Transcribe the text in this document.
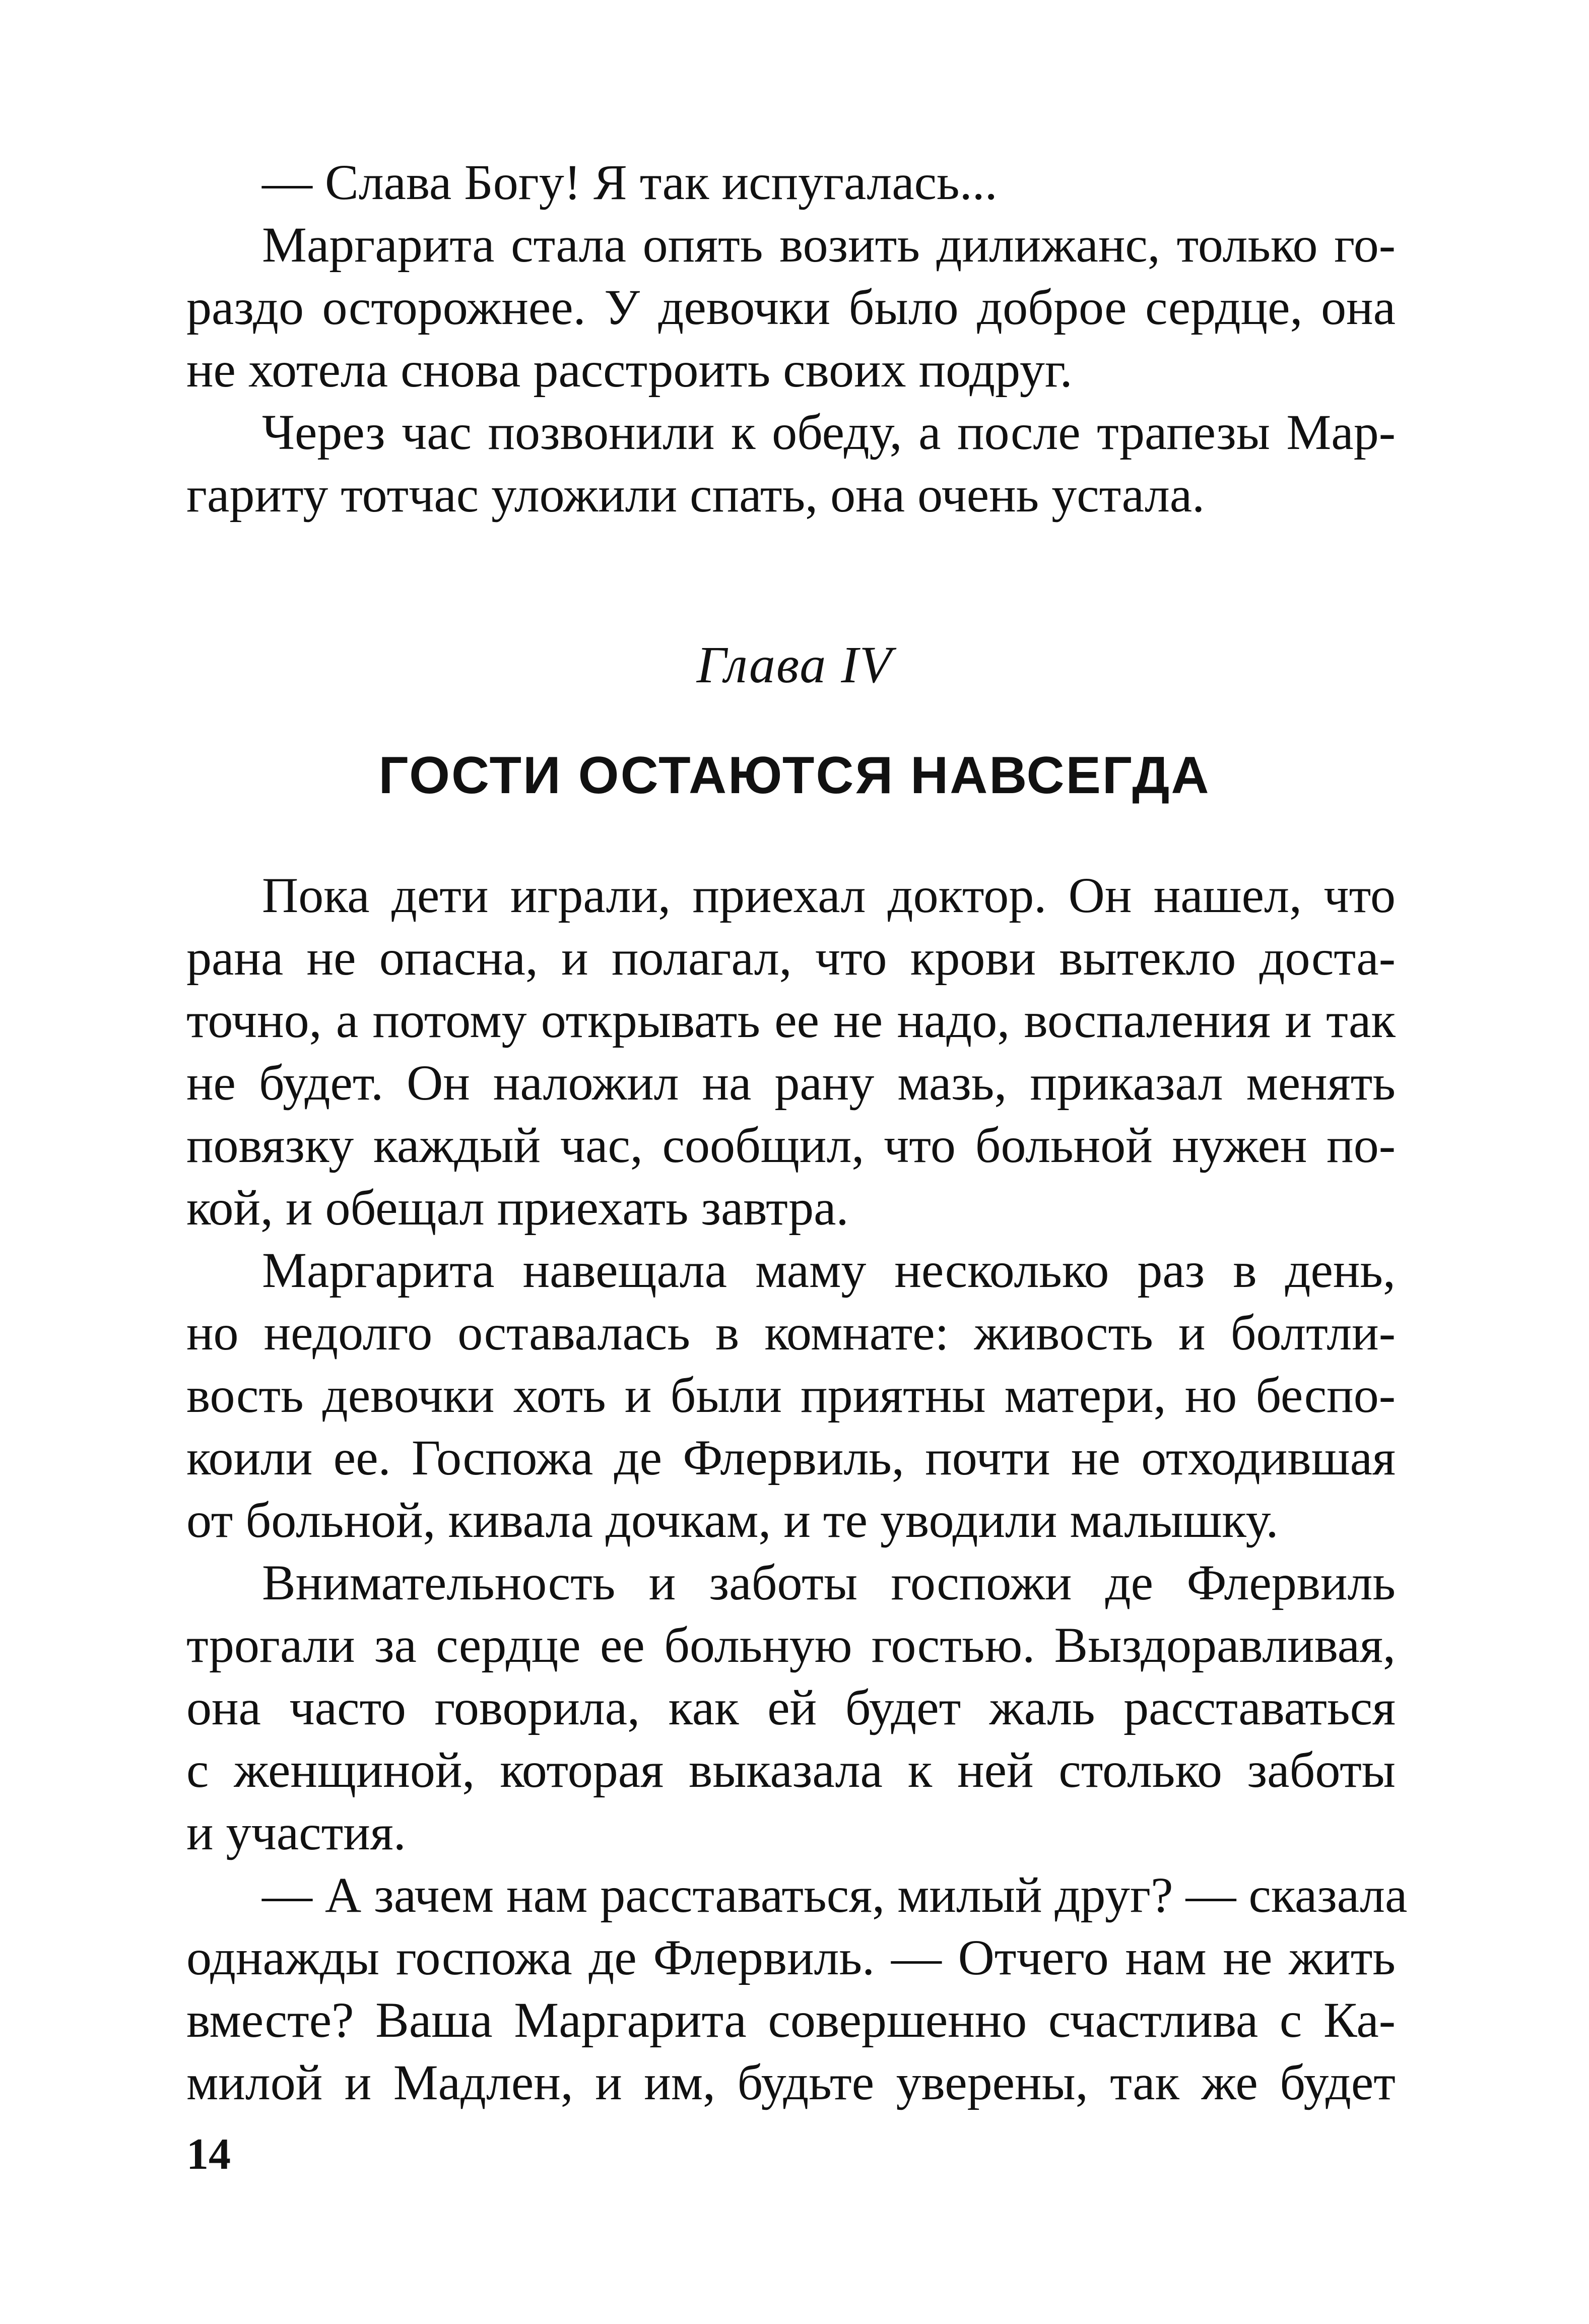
— Слава Богу! Я так испугалась...
Маргарита стала опять возить дилижанс, только го-
раздо осторожнее. У девочки было доброе сердце, она
не хотела снова расстроить своих подруг.
Через час позвонили к обеду, а после трапезы Мар-
гариту тотчас уложили спать, она очень устала.
Глава IV
ГОСТИ ОСТАЮТСЯ НАВСЕГДА
Пока дети играли, приехал доктор. Он нашел, что
рана не опасна, и полагал, что крови вытекло доста-
точно, а потому открывать ее не надо, воспаления и так
не будет. Он наложил на рану мазь, приказал менять
повязку каждый час, сообщил, что больной нужен по-
кой, и обещал приехать завтра.
Маргарита навещала маму несколько раз в день,
но недолго оставалась в комнате: живость и болтли-
вость девочки хоть и были приятны матери, но беспо-
коили ее. Госпожа де Флервиль, почти не отходившая
от больной, кивала дочкам, и те уводили малышку.
Внимательность и заботы госпожи де Флервиль
трогали за сердце ее больную гостью. Выздоравливая,
она часто говорила, как ей будет жаль расставаться
с женщиной, которая выказала к ней столько заботы
и участия.
— А зачем нам расставаться, милый друг? — сказала
однажды госпожа де Флервиль. — Отчего нам не жить
вместе? Ваша Маргарита совершенно счастлива с Ка-
милой и Мадлен, и им, будьте уверены, так же будет
14
